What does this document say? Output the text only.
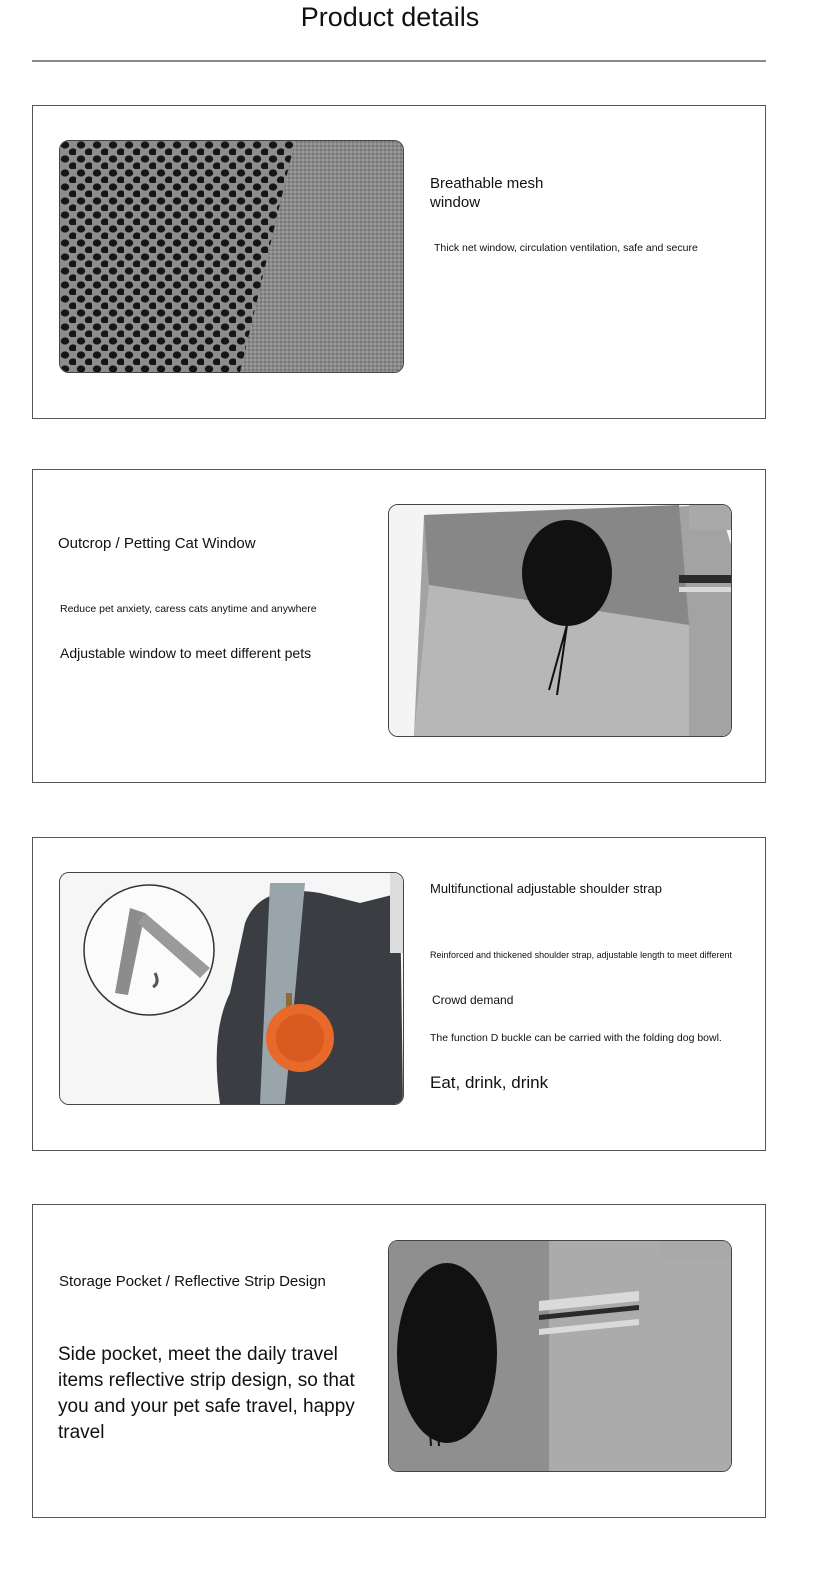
Product details
Breathable mesh window
Thick net window, circulation ventilation, safe and secure
Outcrop / Petting Cat Window
Reduce pet anxiety, caress cats anytime and anywhere
Adjustable window to meet different pets
Multifunctional adjustable shoulder strap
Reinforced and thickened shoulder strap, adjustable length to meet different
Crowd demand
The function D buckle can be carried with the folding dog bowl.
Eat, drink, drink
Storage Pocket / Reflective Strip Design
Side pocket, meet the daily travel items reflective strip design, so that you and your pet safe travel, happy travel
